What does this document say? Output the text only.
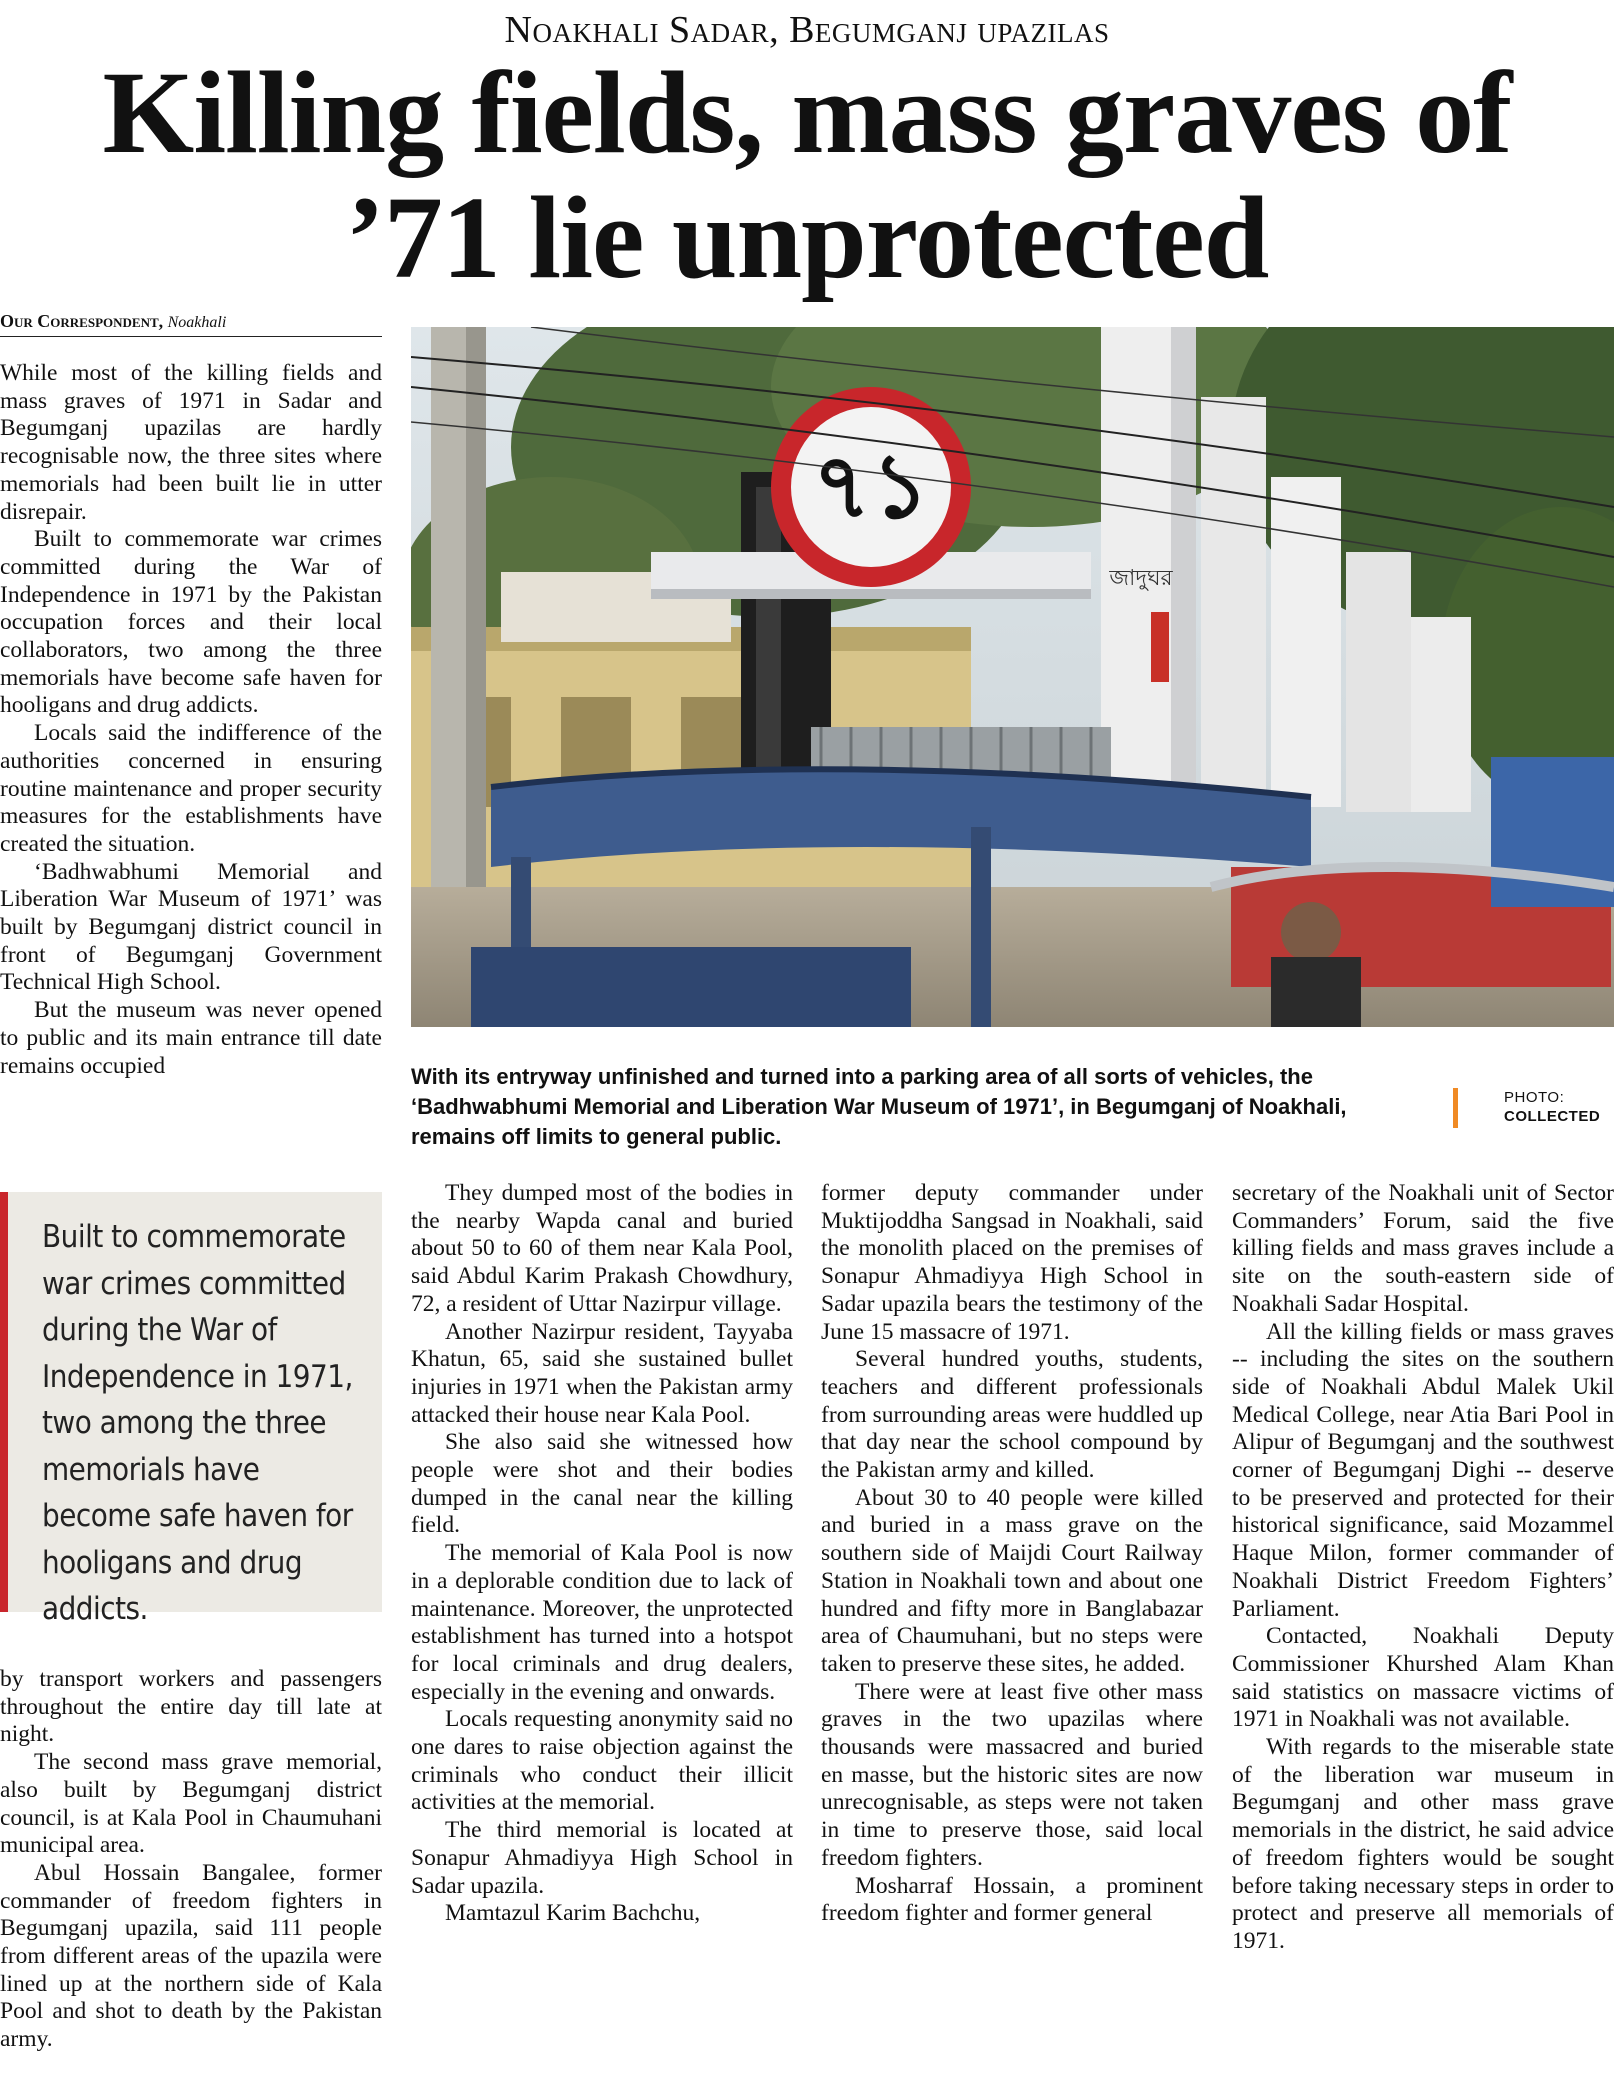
Noakhali Sadar, Begumganj upazilas
Killing fields, mass graves of ’71 lie unprotected
Our Correspondent, Noakhali

While most of the killing fields and mass graves of 1971 in Sadar and Begumganj upazilas are hardly recognisable now, the three sites where memorials had been built lie in utter disrepair.

Built to commemorate war crimes committed during the War of Independence in 1971 by the Pakistan occupation forces and their local collaborators, two among the three memorials have become safe haven for hooligans and drug addicts.

Locals said the indifference of the authorities concerned in ensuring routine maintenance and proper security measures for the establishments have created the situation.

‘Badhwabhumi Memorial and Liberation War Museum of 1971’ was built by Begumganj district council in front of Begumganj Government Technical High School.

But the museum was never opened to public and its main entrance till date remains occupied

Built to commemorate war crimes committed during the War of Independence in 1971, two among the three memorials have become safe haven for hooligans and drug addicts.

by transport workers and passengers throughout the entire day till late at night.

The second mass grave memorial, also built by Begumganj district council, is at Kala Pool in Chaumuhani municipal area.

Abul Hossain Bangalee, former commander of freedom fighters in Begumganj upazila, said 111 people from different areas of the upazila were lined up at the northern side of Kala Pool and shot to death by the Pakistan army.

৭১
জাদুঘর
With its entryway unfinished and turned into a parking area of all sorts of vehicles, the ‘Badhwabhumi Memorial and Liberation War Museum of 1971’, in Begumganj of Noakhali, remains off limits to general public.
PHOTO:
COLLECTED

They dumped most of the bodies in the nearby Wapda canal and buried about 50 to 60 of them near Kala Pool, said Abdul Karim Prakash Chowdhury, 72, a resident of Uttar Nazirpur village.

Another Nazirpur resident, Tayyaba Khatun, 65, said she sustained bullet injuries in 1971 when the Pakistan army attacked their house near Kala Pool.

She also said she witnessed how people were shot and their bodies dumped in the canal near the killing field.

The memorial of Kala Pool is now in a deplorable condition due to lack of maintenance. Moreover, the unprotected establishment has turned into a hotspot for local criminals and drug dealers, especially in the evening and onwards.

Locals requesting anonymity said no one dares to raise objection against the criminals who conduct their illicit activities at the memorial.

The third memorial is located at Sonapur Ahmadiyya High School in Sadar upazila.

Mamtazul Karim Bachchu,

former deputy commander under Muktijoddha Sangsad in Noakhali, said the monolith placed on the premises of Sonapur Ahmadiyya High School in Sadar upazila bears the testimony of the June 15 massacre of 1971.

Several hundred youths, students, teachers and different professionals from surrounding areas were huddled up that day near the school compound by the Pakistan army and killed.

About 30 to 40 people were killed and buried in a mass grave on the southern side of Maijdi Court Railway Station in Noakhali town and about one hundred and fifty more in Banglabazar area of Chaumuhani, but no steps were taken to preserve these sites, he added.

There were at least five other mass graves in the two upazilas where thousands were massacred and buried en masse, but the historic sites are now unrecognisable, as steps were not taken in time to preserve those, said local freedom fighters.

Mosharraf Hossain, a prominent freedom fighter and former general

secretary of the Noakhali unit of Sector Commanders’ Forum, said the five killing fields and mass graves include a site on the south-eastern side of Noakhali Sadar Hospital.

All the killing fields or mass graves -- including the sites on the southern side of Noakhali Abdul Malek Ukil Medical College, near Atia Bari Pool in Alipur of Begumganj and the southwest corner of Begumganj Dighi -- deserve to be preserved and protected for their historical significance, said Mozammel Haque Milon, former commander of Noakhali District Freedom Fighters’ Parliament.

Contacted, Noakhali Deputy Commissioner Khurshed Alam Khan said statistics on massacre victims of 1971 in Noakhali was not available.

With regards to the miserable state of the liberation war museum in Begumganj and other mass grave memorials in the district, he said advice of freedom fighters would be sought before taking necessary steps in order to protect and preserve all memorials of 1971.
